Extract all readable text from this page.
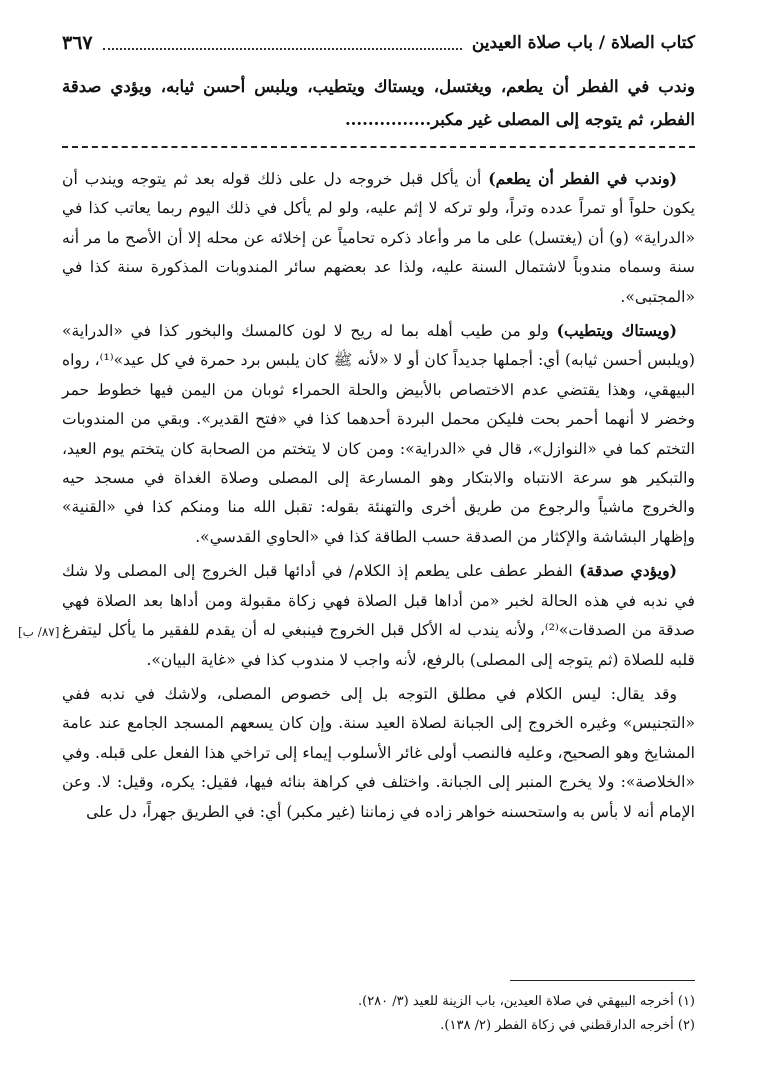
كتاب الصلاة / باب صلاة العيدين
٣٦٧
وندب في الفطر أن يطعم، ويغتسل، ويستاك ويتطيب، ويلبس أحسن ثيابه، ويؤدي صدقة الفطر، ثم يتوجه إلى المصلى غير مكبر...............

(وندب في الفطر أن يطعم) أن يأكل قبل خروجه دل على ذلك قوله بعد ثم يتوجه ويندب أن يكون حلواً أو تمراً عدده وتراً، ولو تركه لا إثم عليه، ولو لم يأكل في ذلك اليوم ربما يعاتب كذا في «الدراية» (و) أن (يغتسل) على ما مر وأعاد ذكره تحامياً عن إخلائه عن محله إلا أن الأصح ما مر أنه سنة وسماه مندوباً لاشتمال السنة عليه، ولذا عد بعضهم سائر المندوبات المذكورة سنة كذا في «المجتبى».

(ويستاك ويتطيب) ولو من طيب أهله بما له ريح لا لون كالمسك والبخور كذا في «الدراية» (ويلبس أحسن ثيابه) أي: أجملها جديداً كان أو لا «لأنه ﷺ كان يلبس برد حمرة في كل عيد»⁽¹⁾، رواه البيهقي، وهذا يقتضي عدم الاختصاص بالأبيض والحلة الحمراء ثوبان من اليمن فيها خطوط حمر وخضر لا أنهما أحمر بحت فليكن محمل البردة أحدهما كذا في «فتح القدير». وبقي من المندوبات التختم كما في «النوازل»، قال في «الدراية»: ومن كان لا يتختم من الصحابة كان يتختم يوم العيد، والتبكير هو سرعة الانتباه والابتكار وهو المسارعة إلى المصلى وصلاة الغداة في مسجد حيه والخروج ماشياً والرجوع من طريق أخرى والتهنئة بقوله: تقبل الله منا ومنكم كذا في «القنية» وإظهار البشاشة والإكثار من الصدقة حسب الطاقة كذا في «الحاوي القدسي».

(ويؤدي صدقة) الفطر عطف على يطعم إذ الكلام/ في أدائها قبل الخروج إلى المصلى ولا شك في ندبه في هذه الحالة لخبر «من أداها قبل الصلاة فهي زكاة مقبولة ومن أداها بعد الصلاة فهي صدقة من الصدقات»⁽²⁾، ولأنه يندب له الأكل قبل الخروج فينبغي له أن يقدم للفقير ما يأكل ليتفرغ قلبه للصلاة (ثم يتوجه إلى المصلى) بالرفع، لأنه واجب لا مندوب كذا في «غاية البيان».

وقد يقال: ليس الكلام في مطلق التوجه بل إلى خصوص المصلى، ولاشك في ندبه ففي «التجنيس» وغيره الخروج إلى الجبانة لصلاة العيد سنة. وإن كان يسعهم المسجد الجامع عند عامة المشايخ وهو الصحيح، وعليه فالنصب أولى غائر الأسلوب إيماء إلى تراخي هذا الفعل على قبله. وفي «الخلاصة»: ولا يخرج المنبر إلى الجبانة. واختلف في كراهة بنائه فيها، فقيل: يكره، وقيل: لا. وعن الإمام أنه لا بأس به واستحسنه خواهر زاده في زماننا (غير مكبر) أي: في الطريق جهراً، دل على

[٨٧/ ب]
(١) أخرجه البيهقي في صلاة العيدين، باب الزينة للعيد (٣/ ٢٨٠).
(٢) أخرجه الدارقطني في زكاة الفطر (٢/ ١٣٨).
